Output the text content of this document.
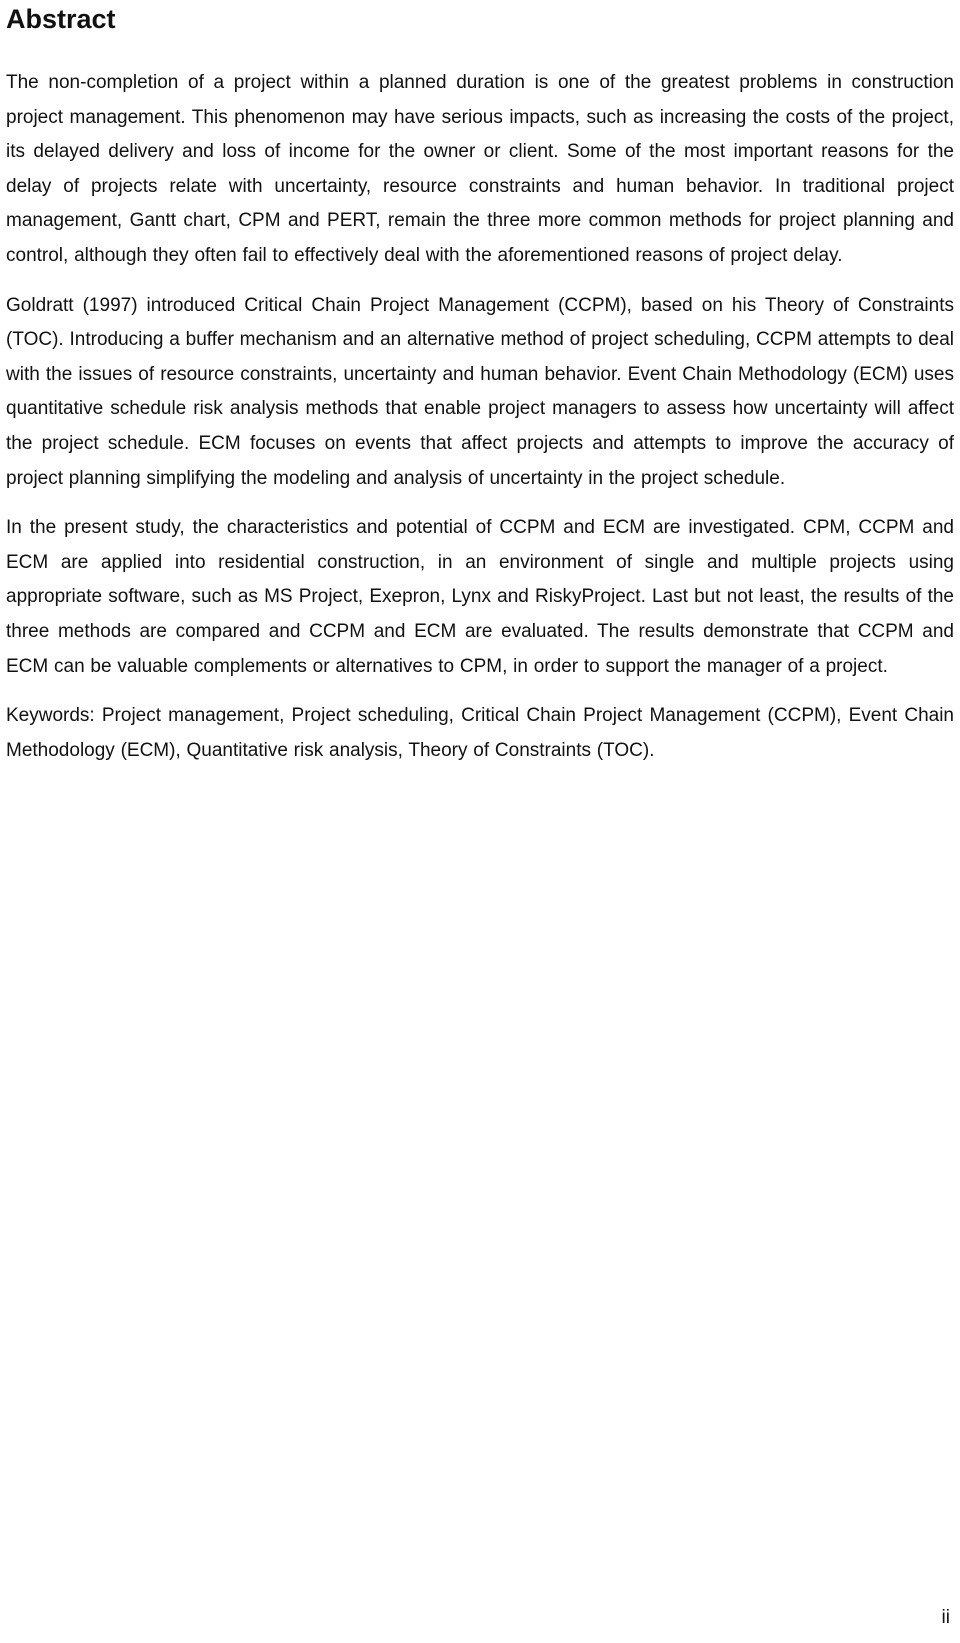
Abstract

The non-completion of a project within a planned duration is one of the greatest problems in construction project management. This phenomenon may have serious impacts, such as increasing the costs of the project, its delayed delivery and loss of income for the owner or client. Some of the most important reasons for the delay of projects relate with uncertainty, resource constraints and human behavior. In traditional project management, Gantt chart, CPM and PERT, remain the three more common methods for project planning and control, although they often fail to effectively deal with the aforementioned reasons of project delay.

Goldratt (1997) introduced Critical Chain Project Management (CCPM), based on his Theory of Constraints (TOC). Introducing a buffer mechanism and an alternative method of project scheduling, CCPM attempts to deal with the issues of resource constraints, uncertainty and human behavior. Event Chain Methodology (ECM) uses quantitative schedule risk analysis methods that enable project managers to assess how uncertainty will affect the project schedule. ECM focuses on events that affect projects and attempts to improve the accuracy of project planning simplifying the modeling and analysis of uncertainty in the project schedule.

In the present study, the characteristics and potential of CCPM and ECM are investigated. CPM, CCPM and ECM are applied into residential construction, in an environment of single and multiple projects using appropriate software, such as MS Project, Exepron, Lynx and RiskyProject. Last but not least, the results of the three methods are compared and CCPM and ECM are evaluated. The results demonstrate that CCPM and ECM can be valuable complements or alternatives to CPM, in order to support the manager of a project.

Keywords: Project management, Project scheduling, Critical Chain Project Management (CCPM), Event Chain Methodology (ECM), Quantitative risk analysis, Theory of Constraints (TOC).

ii
